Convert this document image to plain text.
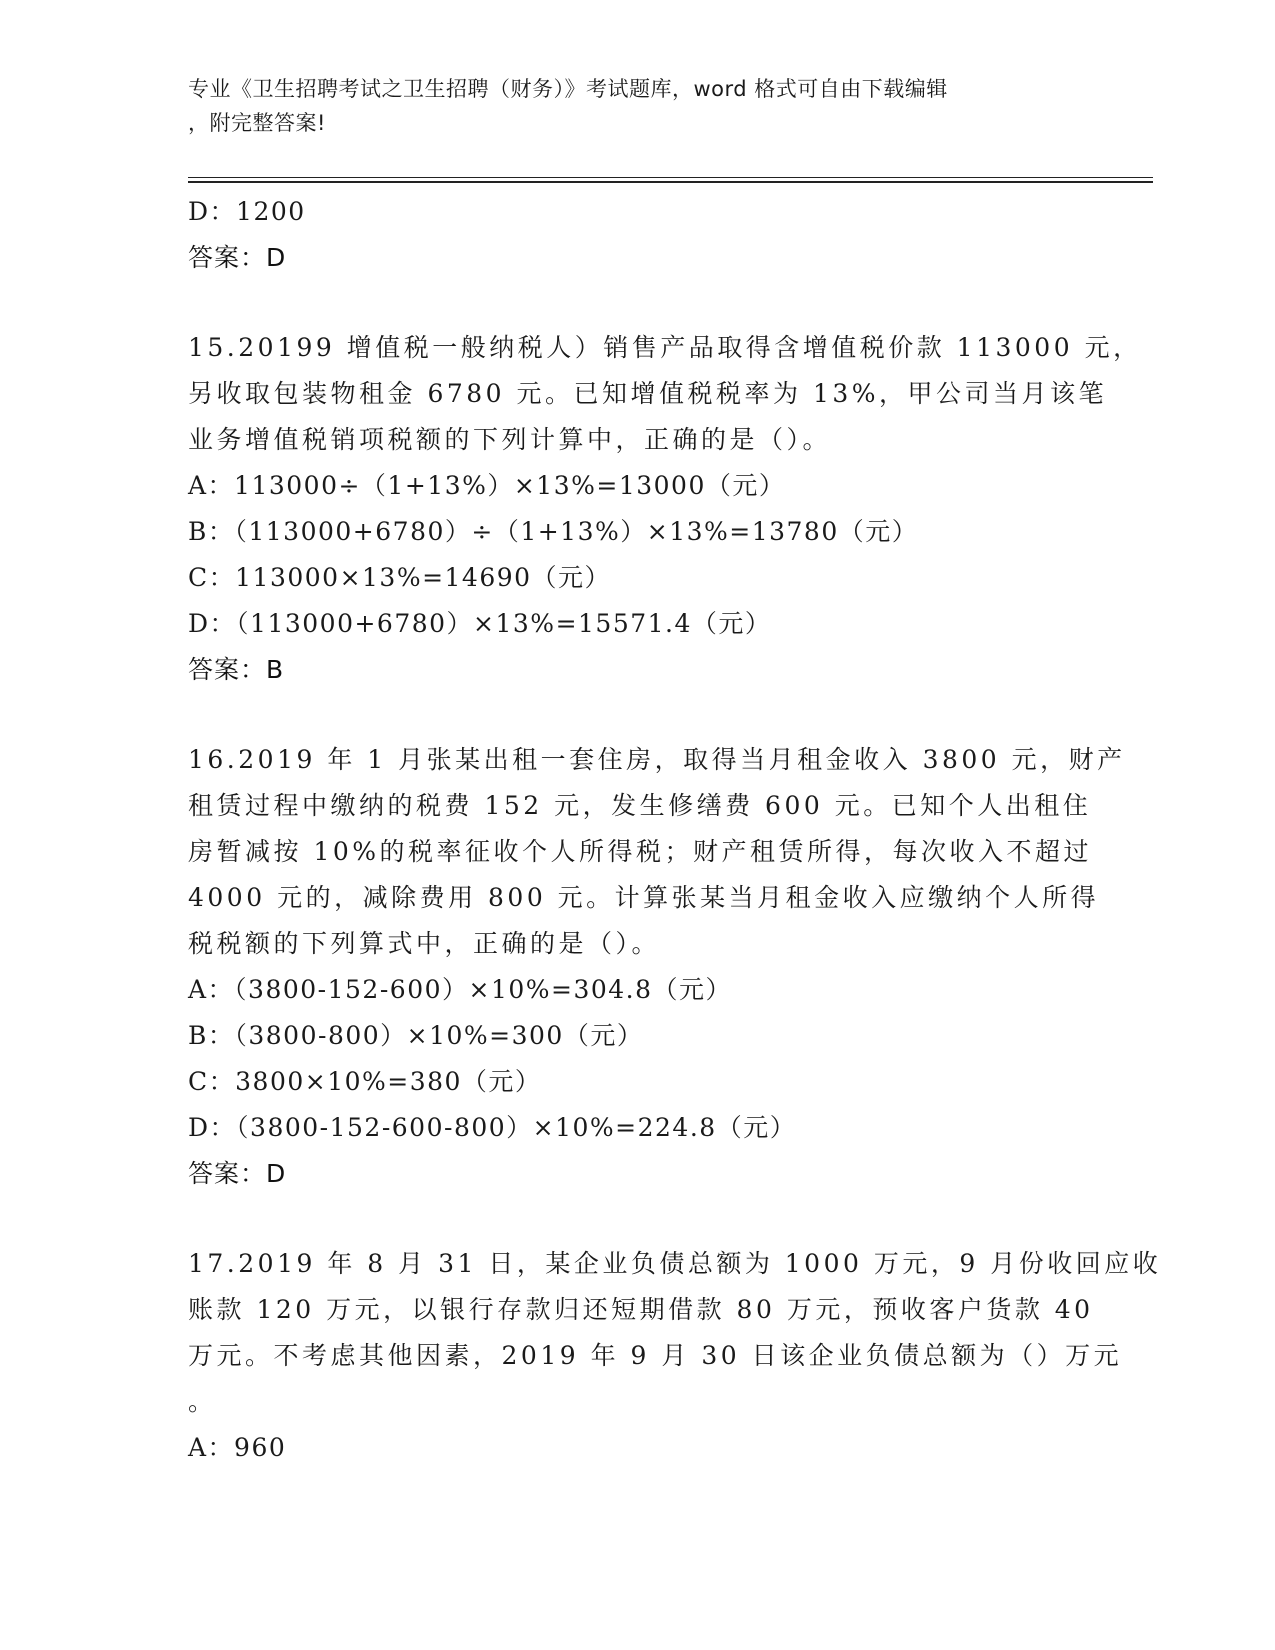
专业《卫生招聘考试之卫生招聘（财务）》考试题库，word 格式可自由下载编辑
，附完整答案!
D：1200
答案：D
15.20199 增值税一般纳税人）销售产品取得含增值税价款 113000 元，
另收取包装物租金 6780 元。已知增值税税率为 13%，甲公司当月该笔
业务增值税销项税额的下列计算中，正确的是（）。
A：113000÷（1+13%）×13%=13000（元）
B：（113000+6780）÷（1+13%）×13%=13780（元）
C：113000×13%=14690（元）
D：（113000+6780）×13%=15571.4（元）
答案：B
16.2019 年 1 月张某出租一套住房，取得当月租金收入 3800 元，财产
租赁过程中缴纳的税费 152 元，发生修缮费 600 元。已知个人出租住
房暂减按 10%的税率征收个人所得税；财产租赁所得，每次收入不超过
4000 元的，减除费用 800 元。计算张某当月租金收入应缴纳个人所得
税税额的下列算式中，正确的是（）。
A：（3800-152-600）×10%=304.8（元）
B：（3800-800）×10%=300（元）
C：3800×10%=380（元）
D：（3800-152-600-800）×10%=224.8（元）
答案：D
17.2019 年 8 月 31 日，某企业负债总额为 1000 万元，9 月份收回应收
账款 120 万元，以银行存款归还短期借款 80 万元，预收客户货款 40
万元。不考虑其他因素，2019 年 9 月 30 日该企业负债总额为（）万元
。
A：960
